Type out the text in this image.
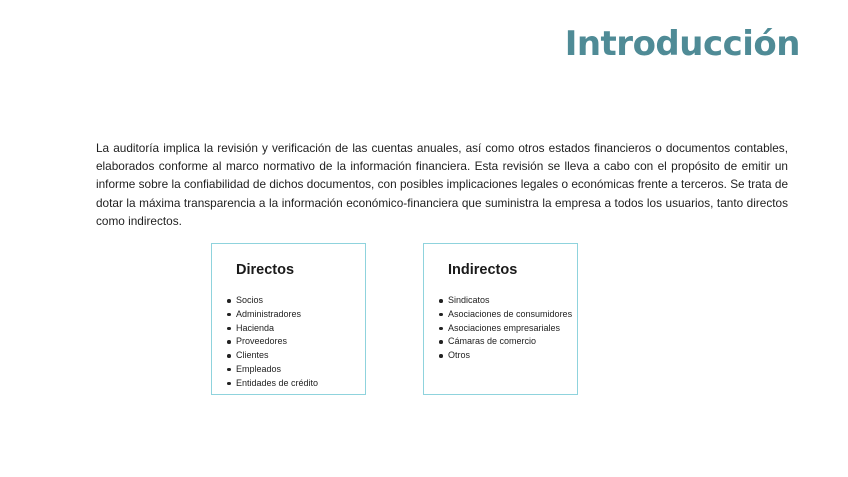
Introducción
La auditoría implica la revisión y verificación de las cuentas anuales, así como otros estados financieros o documentos contables, elaborados conforme al marco normativo de la información financiera. Esta revisión se lleva a cabo con el propósito de emitir un informe sobre la confiabilidad de dichos documentos, con posibles implicaciones legales o económicas frente a terceros. Se trata de dotar la máxima transparencia a la información económico-financiera que suministra la empresa a todos los usuarios, tanto directos como indirectos.
Directos
Socios
Administradores
Hacienda
Proveedores
Clientes
Empleados
Entidades de crédito
Indirectos
Sindicatos
Asociaciones de consumidores
Asociaciones empresariales
Cámaras de comercio
Otros
